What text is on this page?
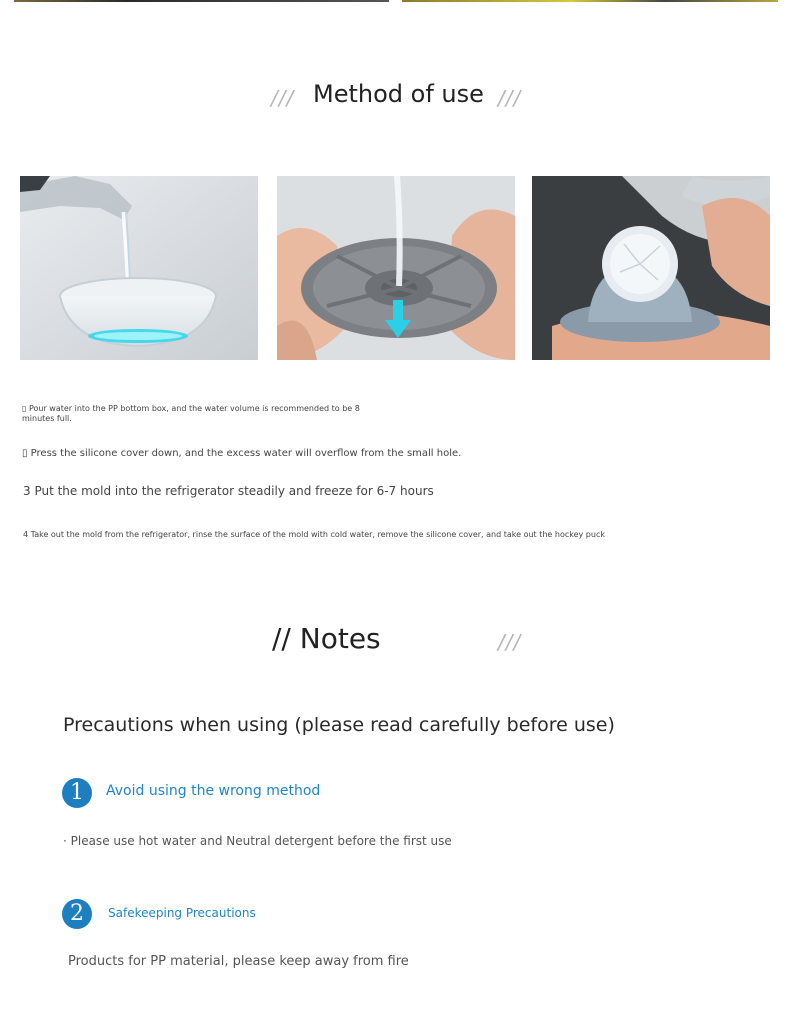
/// Method of use ///
▯ Pour water into the PP bottom box, and the water volume is recommended to be 8
minutes full.
▯ Press the silicone cover down, and the excess water will overflow from the small hole.
3 Put the mold into the refrigerator steadily and freeze for 6-7 hours
4 Take out the mold from the refrigerator, rinse the surface of the mold with cold water, remove the silicone cover, and take out the hockey puck
// Notes	///
Precautions when using (please read carefully before use)
1	Avoid using the wrong method
· Please use hot water and Neutral detergent before the first use
2	Safekeeping Precautions
Products for PP material, please keep away from fire
